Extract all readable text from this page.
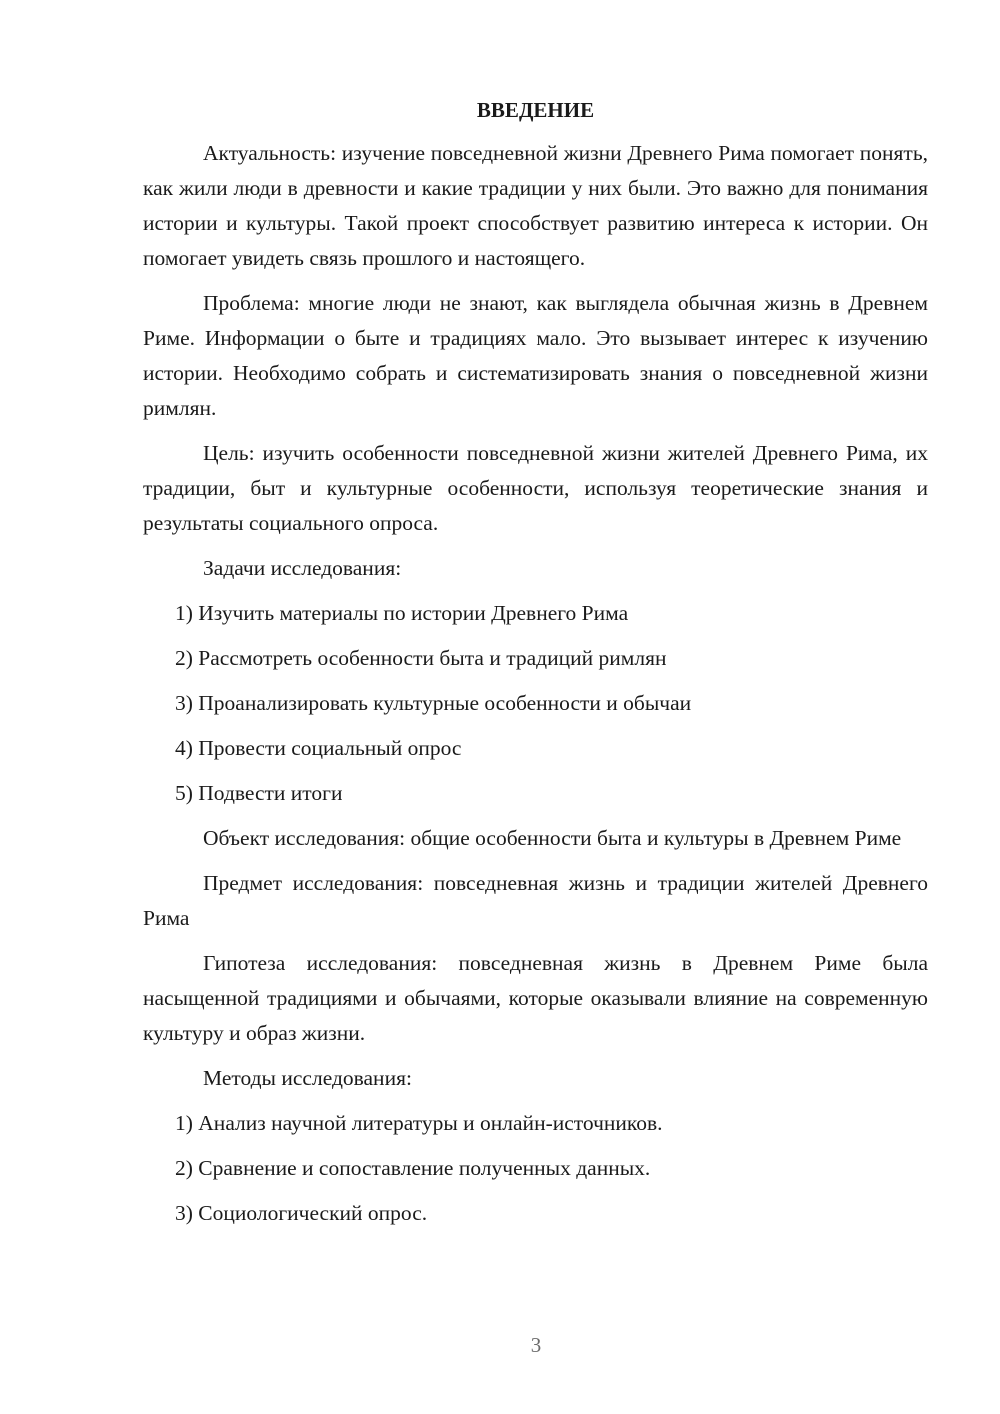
ВВЕДЕНИЕ

Актуальность: изучение повседневной жизни Древнего Рима помогает понять, как жили люди в древности и какие традиции у них были. Это важно для понимания истории и культуры. Такой проект способствует развитию интереса к истории. Он помогает увидеть связь прошлого и настоящего.

Проблема: многие люди не знают, как выглядела обычная жизнь в Древнем Риме. Информации о быте и традициях мало. Это вызывает интерес к изучению истории. Необходимо собрать и систематизировать знания о повседневной жизни римлян.

Цель: изучить особенности повседневной жизни жителей Древнего Рима, их традиции, быт и культурные особенности, используя теоретические знания и результаты социального опроса.

Задачи исследования:

1) Изучить материалы по истории Древнего Рима
2) Рассмотреть особенности быта и традиций римлян
3) Проанализировать культурные особенности и обычаи
4) Провести социальный опрос
5) Подвести итоги

Объект исследования: общие особенности быта и культуры в Древнем Риме

Предмет исследования: повседневная жизнь и традиции жителей Древнего Рима

Гипотеза исследования: повседневная жизнь в Древнем Риме была насыщенной традициями и обычаями, которые оказывали влияние на современную культуру и образ жизни.

Методы исследования:

1) Анализ научной литературы и онлайн-источников.
2) Сравнение и сопоставление полученных данных.
3) Социологический опрос.
3
